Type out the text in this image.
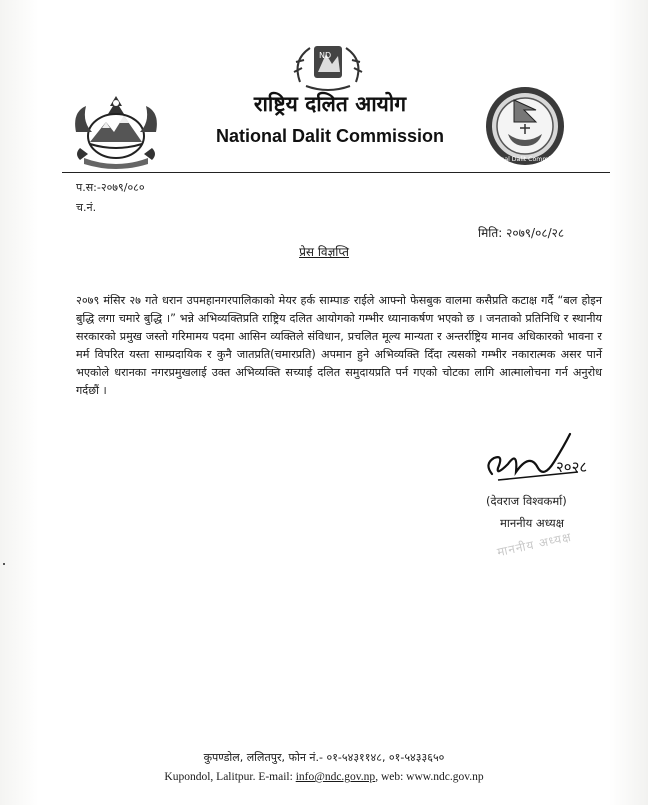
ND
National Dalit Commission
राष्ट्रिय दलित आयोग
National Dalit Commission
प.स:-२०७९/०८०
च.नं.
मिति: २०७९/०८/२८
प्रेस विज्ञप्ति
२०७९ मंसिर २७ गते धरान उपमहानगरपालिकाको मेयर हर्क साम्पाङ राईले आफ्नो फेसबुक वालमा कसैप्रति कटाक्ष गर्दै “बल होइन बुद्धि लगा चमारे बुद्धि ।” भन्ने अभिव्यक्तिप्रति राष्ट्रिय दलित आयोगको गम्भीर ध्यानाकर्षण भएको छ । जनताको प्रतिनिधि र स्थानीय सरकारको प्रमुख जस्तो गरिमामय पदमा आसिन व्यक्तिले संविधान, प्रचलित मूल्य मान्यता र अन्तर्राष्ट्रिय मानव अधिकारको भावना र मर्म विपरित यस्ता साम्प्रदायिक र कुनै जातप्रति(चमारप्रति) अपमान हुने अभिव्यक्ति दिँदा त्यसको गम्भीर नकारात्मक असर पार्ने भएकोले धरानका नगरप्रमुखलाई उक्त अभिव्यक्ति सच्याई दलित समुदायप्रति पर्न गएको चोटका लागि आत्मालोचना गर्न अनुरोध गर्दछौं ।
२०२८
(देवराज विश्वकर्मा)
माननीय अध्यक्ष
माननीय अध्यक्ष
कुपण्डोल, ललितपुर, फोन नं.- ०१-५४३११४८, ०१-५४३३६५०
Kupondol, Lalitpur. E-mail: info@ndc.gov.np, web: www.ndc.gov.np
